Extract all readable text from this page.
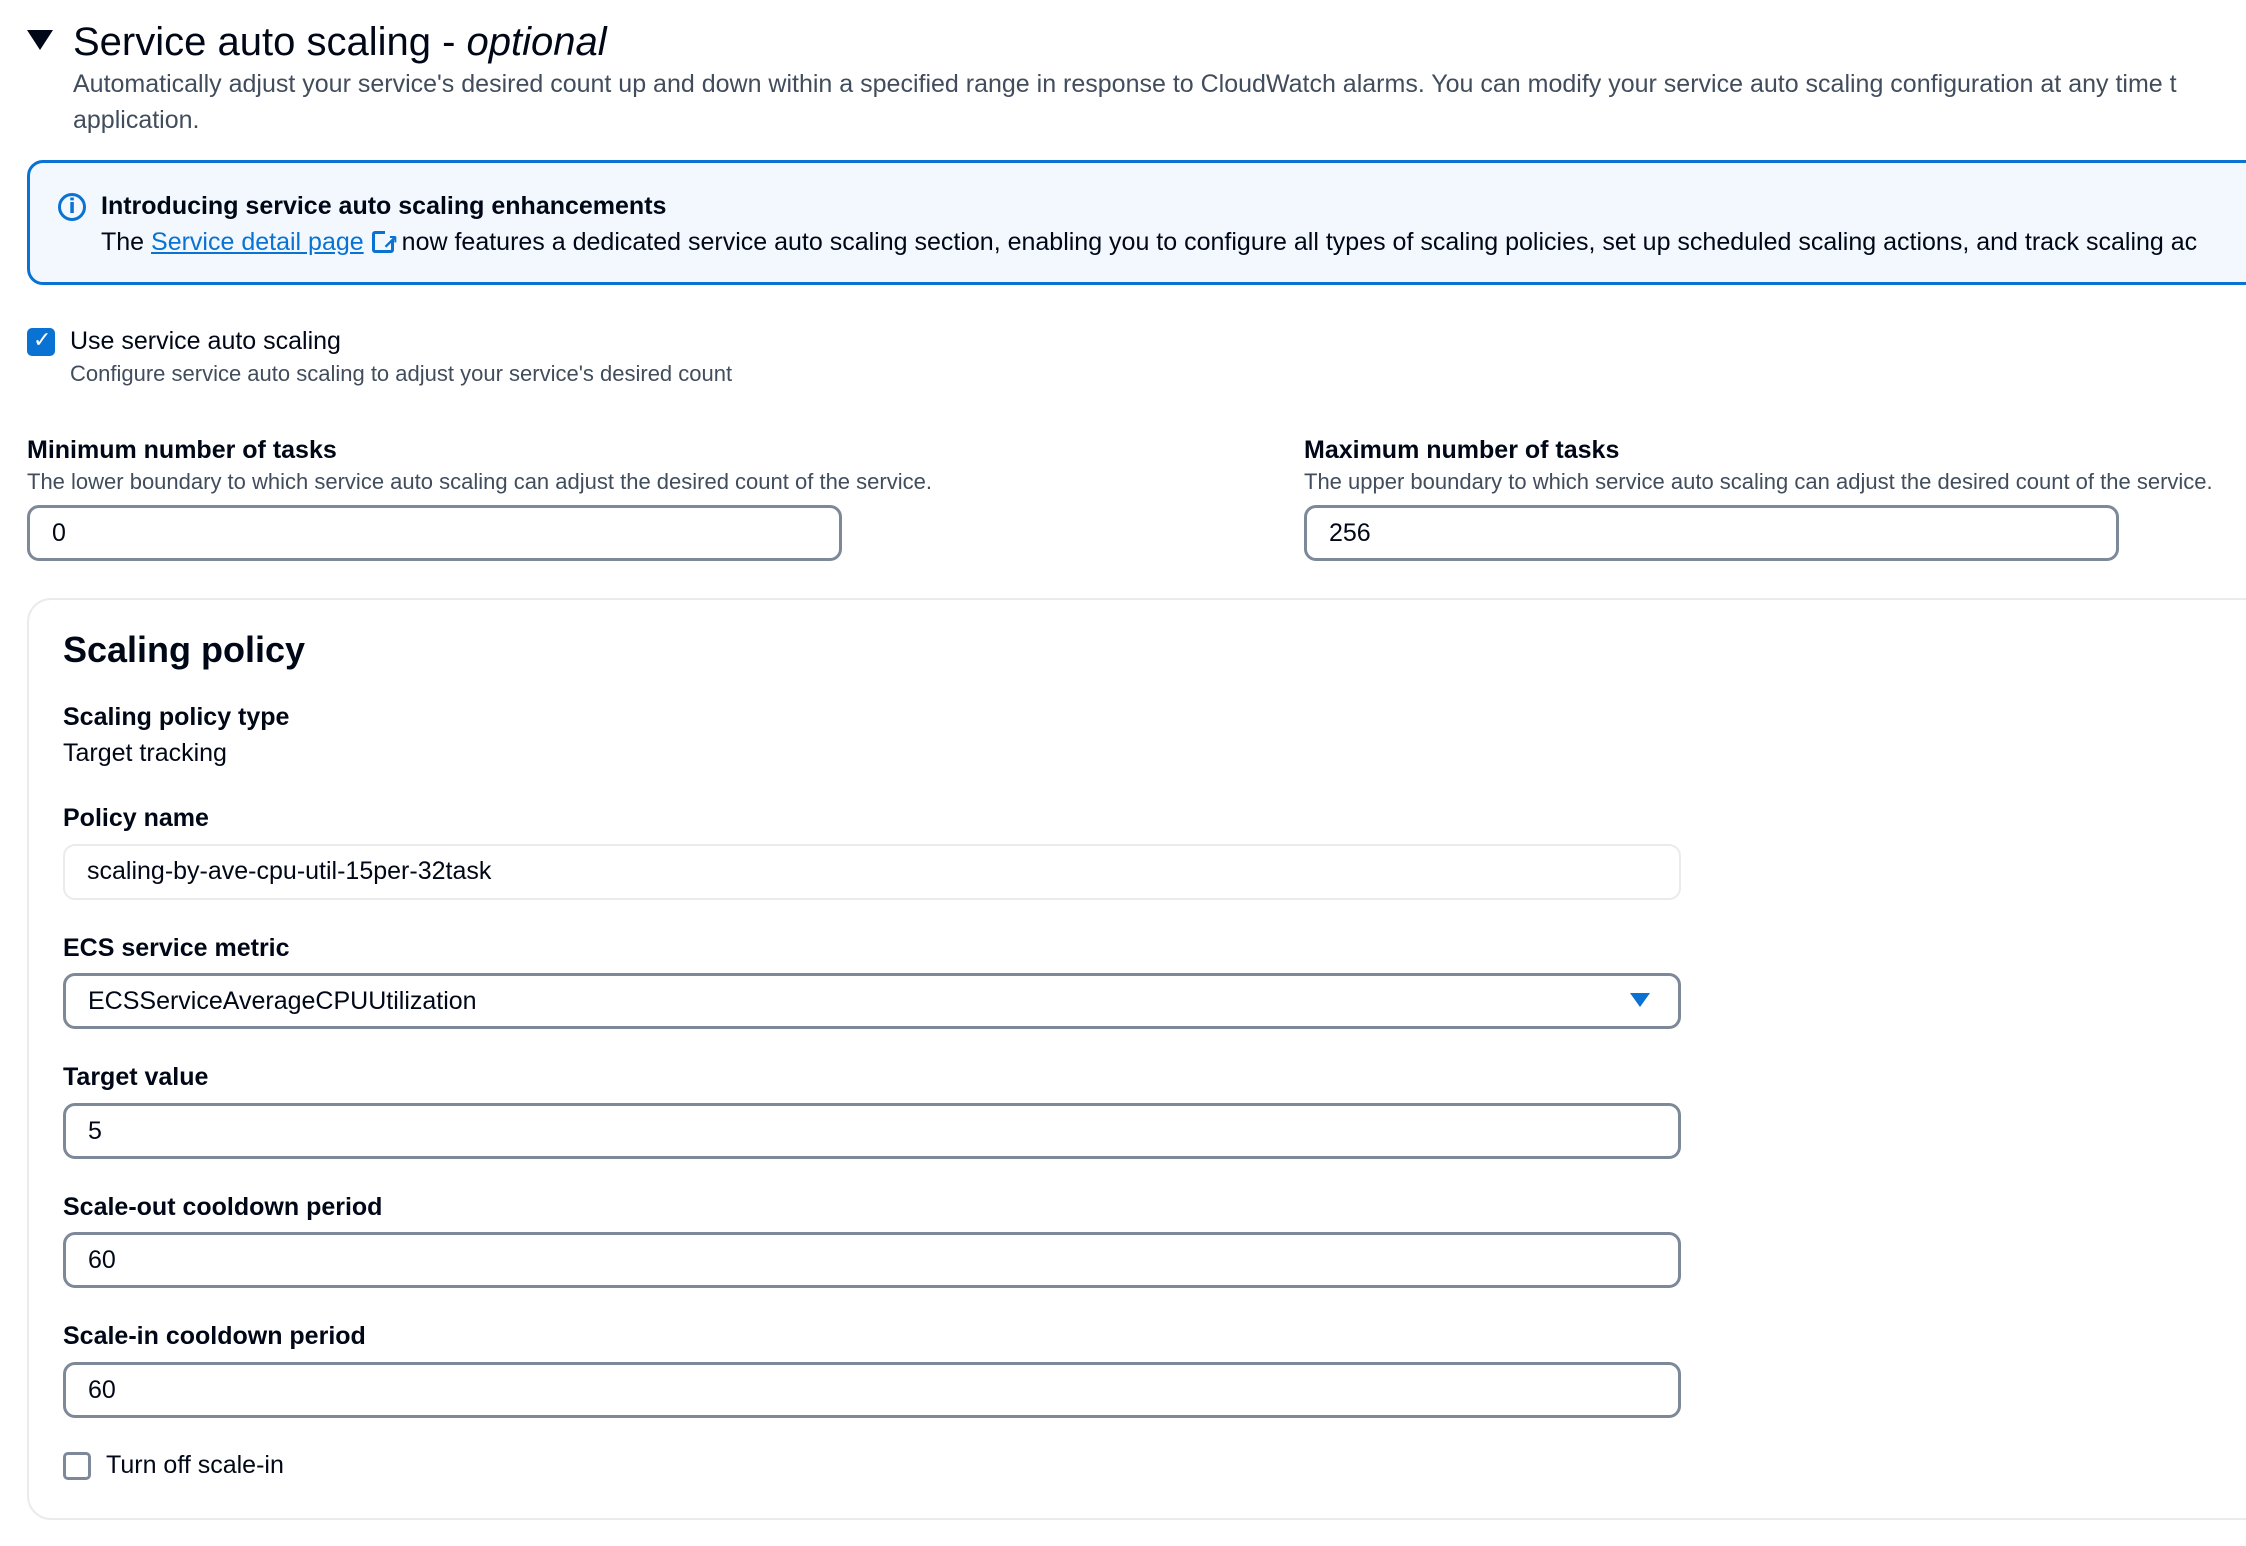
Service auto scaling - optional
Automatically adjust your service's desired count up and down within a specified range in response to CloudWatch alarms. You can modify your service auto scaling configuration at any time t
application.
i
Introducing service auto scaling enhancements
The Service detail page↗ now features a dedicated service auto scaling section, enabling you to configure all types of scaling policies, set up scheduled scaling actions, and track scaling ac
✓
Use service auto scaling
Configure service auto scaling to adjust your service's desired count
Minimum number of tasks
The lower boundary to which service auto scaling can adjust the desired count of the service.
0
Maximum number of tasks
The upper boundary to which service auto scaling can adjust the desired count of the service.
256
Scaling policy
Scaling policy type
Target tracking
Policy name
scaling-by-ave-cpu-util-15per-32task
ECS service metric
ECSServiceAverageCPUUtilization
Target value
5
Scale-out cooldown period
60
Scale-in cooldown period
60
Turn off scale-in
